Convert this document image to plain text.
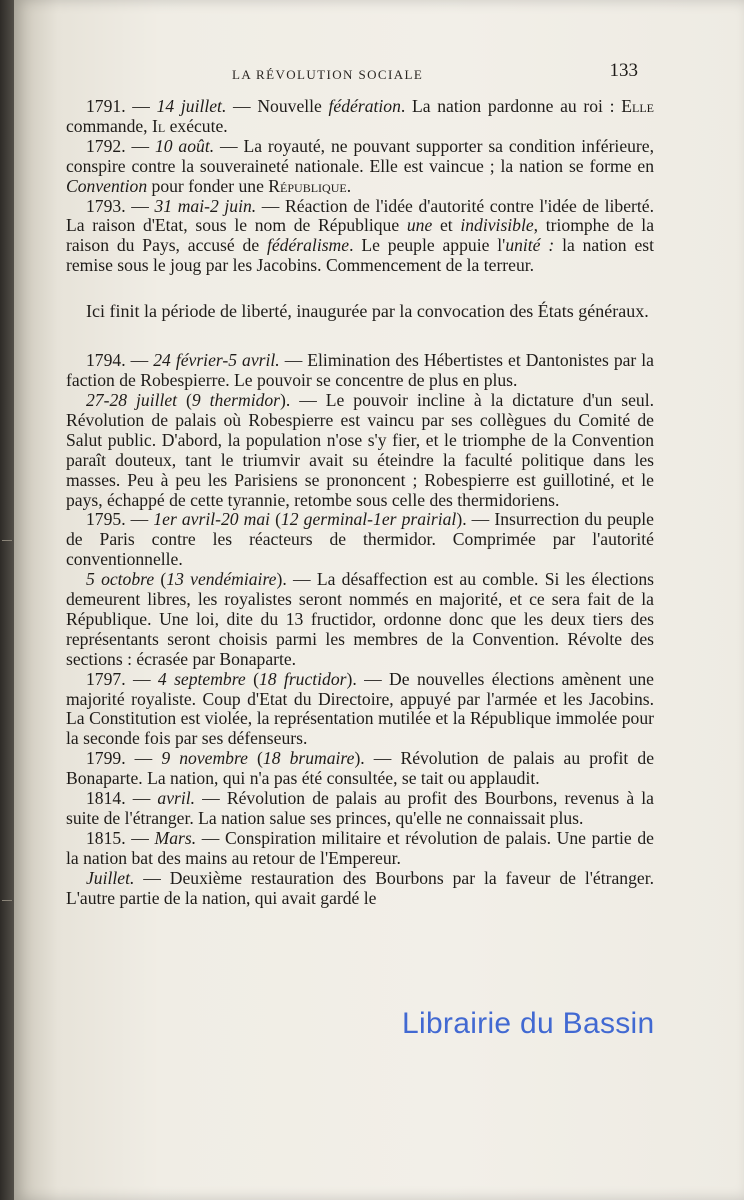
LA RÉVOLUTION SOCIALE	133

1791. — 14 juillet. — Nouvelle fédération. La nation pardonne au roi : Elle commande, Il exécute.

1792. — 10 août. — La royauté, ne pouvant supporter sa condition inférieure, conspire contre la souveraineté nationale. Elle est vaincue ; la nation se forme en Convention pour fonder une République.

1793. — 31 mai-2 juin. — Réaction de l'idée d'autorité contre l'idée de liberté. La raison d'Etat, sous le nom de République une et indivisible, triomphe de la raison du Pays, accusé de fédéralisme. Le peuple appuie l'unité : la nation est remise sous le joug par les Jacobins. Commencement de la terreur.

Ici finit la période de liberté, inaugurée par la convocation des États généraux.

1794. — 24 février-5 avril. — Elimination des Hébertistes et Dantonistes par la faction de Robespierre. Le pouvoir se concentre de plus en plus.

27-28 juillet (9 thermidor). — Le pouvoir incline à la dictature d'un seul. Révolution de palais où Robespierre est vaincu par ses collègues du Comité de Salut public. D'abord, la population n'ose s'y fier, et le triomphe de la Convention paraît douteux, tant le triumvir avait su éteindre la faculté politique dans les masses. Peu à peu les Parisiens se prononcent ; Robespierre est guillotiné, et le pays, échappé de cette tyrannie, retombe sous celle des thermidoriens.

1795. — 1er avril-20 mai (12 germinal-1er prairial). — Insurrection du peuple de Paris contre les réacteurs de thermidor. Comprimée par l'autorité conventionnelle.

5 octobre (13 vendémiaire). — La désaffection est au comble. Si les élections demeurent libres, les royalistes seront nommés en majorité, et ce sera fait de la République. Une loi, dite du 13 fructidor, ordonne donc que les deux tiers des représentants seront choisis parmi les membres de la Convention. Révolte des sections : écrasée par Bonaparte.

1797. — 4 septembre (18 fructidor). — De nouvelles élections amènent une majorité royaliste. Coup d'Etat du Directoire, appuyé par l'armée et les Jacobins. La Constitution est violée, la représentation mutilée et la République immolée pour la seconde fois par ses défenseurs.

1799. — 9 novembre (18 brumaire). — Révolution de palais au profit de Bonaparte. La nation, qui n'a pas été consultée, se tait ou applaudit.

1814. — avril. — Révolution de palais au profit des Bourbons, revenus à la suite de l'étranger. La nation salue ses princes, qu'elle ne connaissait plus.

1815. — Mars. — Conspiration militaire et révolution de palais. Une partie de la nation bat des mains au retour de l'Empereur.

Juillet. — Deuxième restauration des Bourbons par la faveur de l'étranger. L'autre partie de la nation, qui avait gardé le

Librairie du Bassin
